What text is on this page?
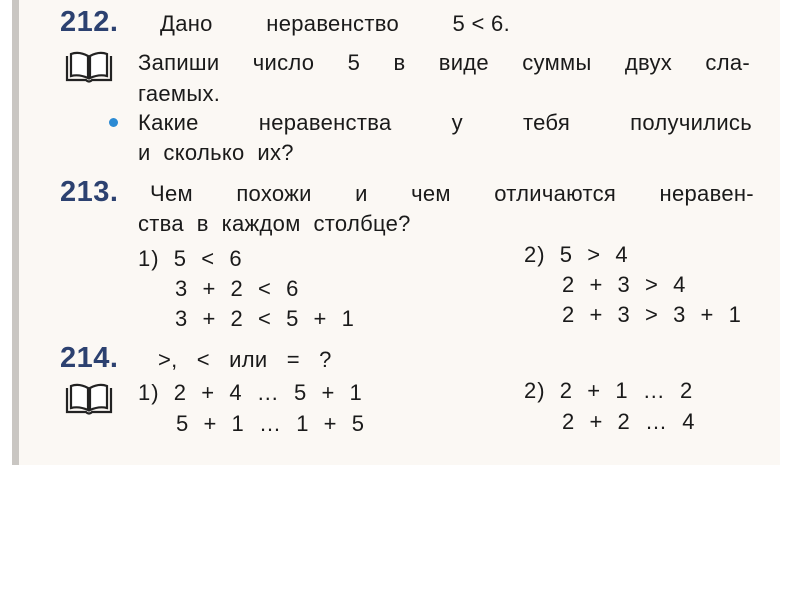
212. Дано неравенство 5 < 6.
Запиши число 5 в виде суммы двух сла-
гаемых.
Какие	неравенства	у	тебя	получились
и  сколько  их?
213. Чем похожи и чем отличаются неравен-
ства  в  каждом  столбце?
1)  5  <  6
3  +  2  <  6
3  +  2  <  5  +  1
2)  5  >  4
2  +  3  >  4
2  +  3  >  3  +  1
214. >,   <   или   =   ?
1)  2  +  4  …  5  +  1
5  +  1  …  1  +  5
2)  2  +  1  …  2
2  +  2  …  4
